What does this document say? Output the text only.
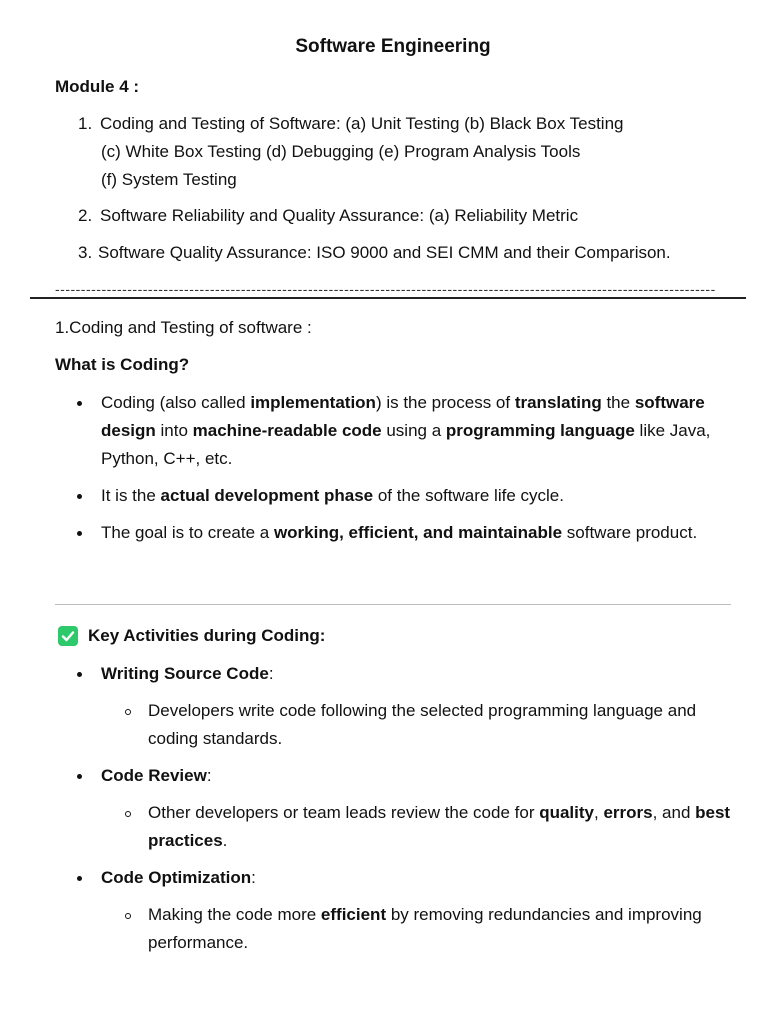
Software Engineering
Module 4 :
1. Coding and Testing of Software: (a) Unit Testing (b) Black Box Testing
(c) White Box Testing (d) Debugging (e) Program Analysis Tools
(f) System Testing
2. Software Reliability and Quality Assurance: (a) Reliability Metric
3. Software Quality Assurance: ISO 9000 and SEI CMM and their Comparison.
--------------------------------------------------------------------------------------------------------------------------------
1.Coding and Testing of software :
What is Coding?
Coding (also called implementation) is the process of translating the software design into machine-readable code using a programming language like Java, Python, C++, etc.
It is the actual development phase of the software life cycle.
The goal is to create a working, efficient, and maintainable software product.
Key Activities during Coding:
Writing Source Code:
Developers write code following the selected programming language and coding standards.
Code Review:
Other developers or team leads review the code for quality, errors, and best practices.
Code Optimization:
Making the code more efficient by removing redundancies and improving performance.
